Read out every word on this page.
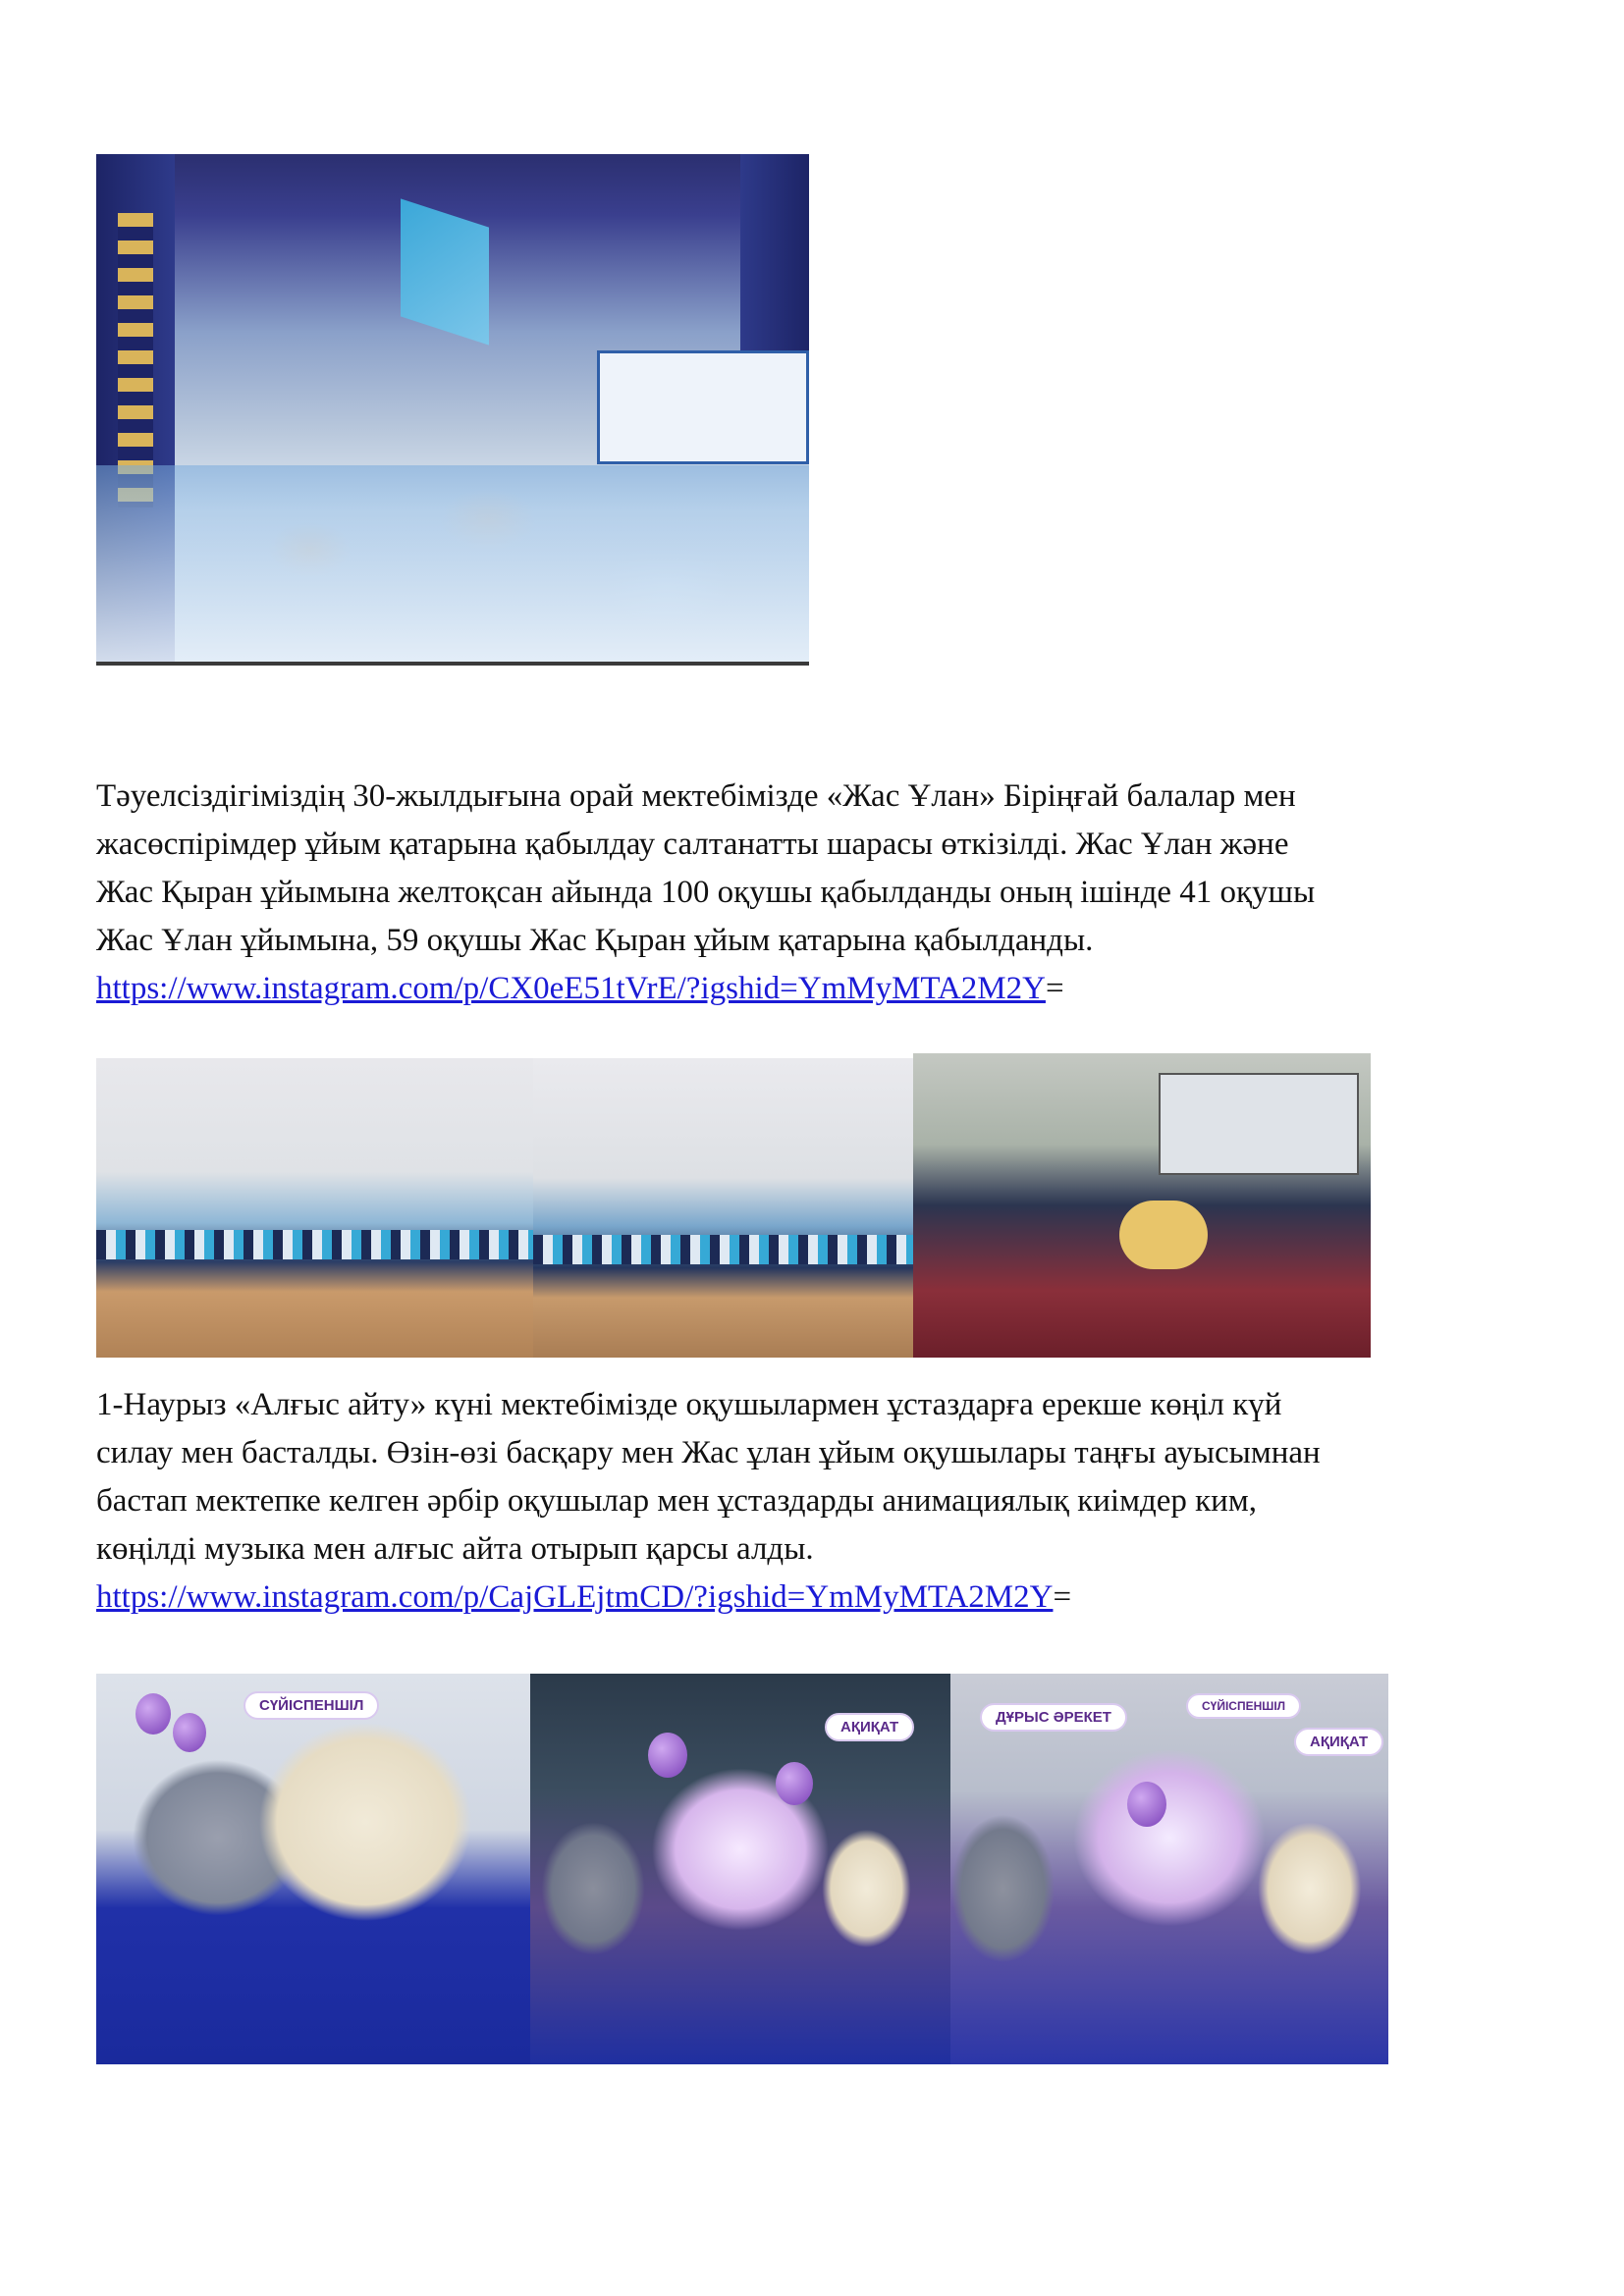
Тәуелсіздігіміздің 30-жылдығына орай мектебімізде «Жас Ұлан» Біріңғай балалар мен

жасөспірімдер ұйым қатарына қабылдау салтанатты шарасы өткізілді. Жас Ұлан және

Жас Қыран ұйымына желтоқсан айында 100 оқушы қабылданды оның ішінде 41 оқушы

Жас Ұлан ұйымына, 59 оқушы Жас Қыран ұйым қатарына қабылданды.

https://www.instagram.com/p/CX0eE51tVrE/?igshid=YmMyMTA2M2Y=

1-Наурыз «Алғыс айту» күні мектебімізде оқушылармен ұстаздарға ерекше көңіл күй

силау мен басталды. Өзін-өзі басқару мен Жас ұлан ұйым оқушылары таңғы ауысымнан

бастап мектепке келген әрбір оқушылар мен ұстаздарды анимациялық киімдер ким,

көңілді музыка мен алғыс айта отырып қарсы алды.

https://www.instagram.com/p/CajGLEjtmCD/?igshid=YmMyMTA2M2Y=

СҮЙІСПЕНШІЛ
АҚИҚАТ
ДҰРЫС ӘРЕКЕТ
СҮЙІСПЕНШІЛ
АҚИҚАТ
